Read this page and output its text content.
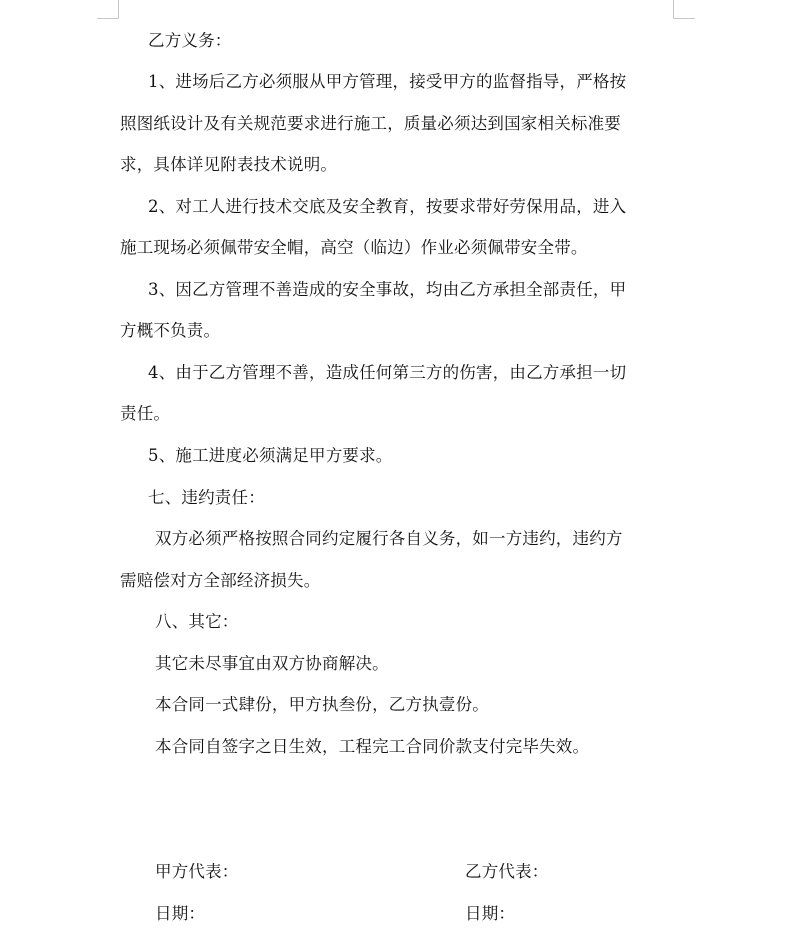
乙方义务：
1、进场后乙方必须服从甲方管理，接受甲方的监督指导，严格按
照图纸设计及有关规范要求进行施工，质量必须达到国家相关标准要
求，具体详见附表技术说明。
2、对工人进行技术交底及安全教育，按要求带好劳保用品，进入
施工现场必须佩带安全帽，高空（临边）作业必须佩带安全带。
3、因乙方管理不善造成的安全事故，均由乙方承担全部责任，甲
方概不负责。
4、由于乙方管理不善，造成任何第三方的伤害，由乙方承担一切
责任。
5、施工进度必须满足甲方要求。
七、违约责任：
双方必须严格按照合同约定履行各自义务，如一方违约，违约方
需赔偿对方全部经济损失。
八、其它：
其它未尽事宜由双方协商解决。
本合同一式肆份，甲方执叁份，乙方执壹份。
本合同自签字之日生效，工程完工合同价款支付完毕失效。
甲方代表：	乙方代表：
日期：	日期：
